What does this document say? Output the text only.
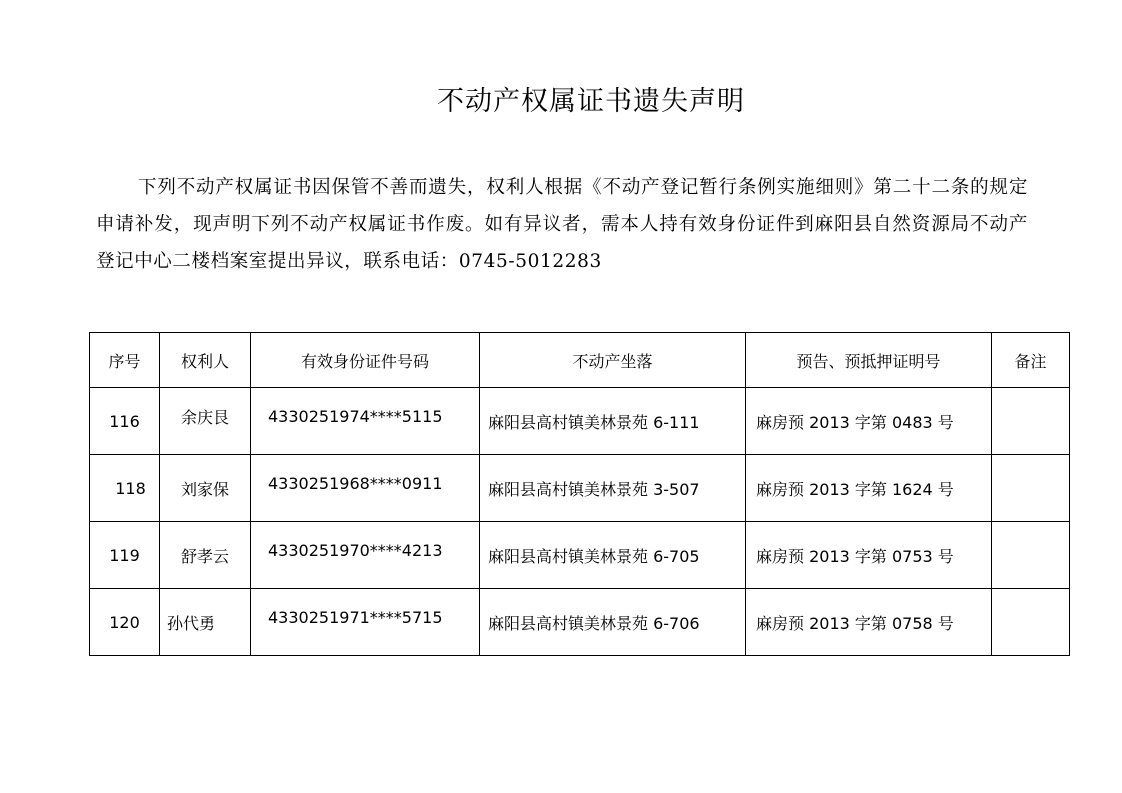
不动产权属证书遗失声明

下列不动产权属证书因保管不善而遗失，权利人根据《不动产登记暂行条例实施细则》第二十二条的规定申请补发，现声明下列不动产权属证书作废。如有异议者，需本人持有效身份证件到麻阳县自然资源局不动产登记中心二楼档案室提出异议，联系电话：0745-5012283

序号	权利人	有效身份证件号码	不动产坐落	预告、预抵押证明号	备注
116	余庆艮	4330251974****5115	麻阳县高村镇美林景苑 6-111	麻房预 2013 字第 0483 号	
118	刘家保	4330251968****0911	麻阳县高村镇美林景苑 3-507	麻房预 2013 字第 1624 号	
119	舒孝云	4330251970****4213	麻阳县高村镇美林景苑 6-705	麻房预 2013 字第 0753 号	
120	孙代勇	4330251971****5715	麻阳县高村镇美林景苑 6-706	麻房预 2013 字第 0758 号	
